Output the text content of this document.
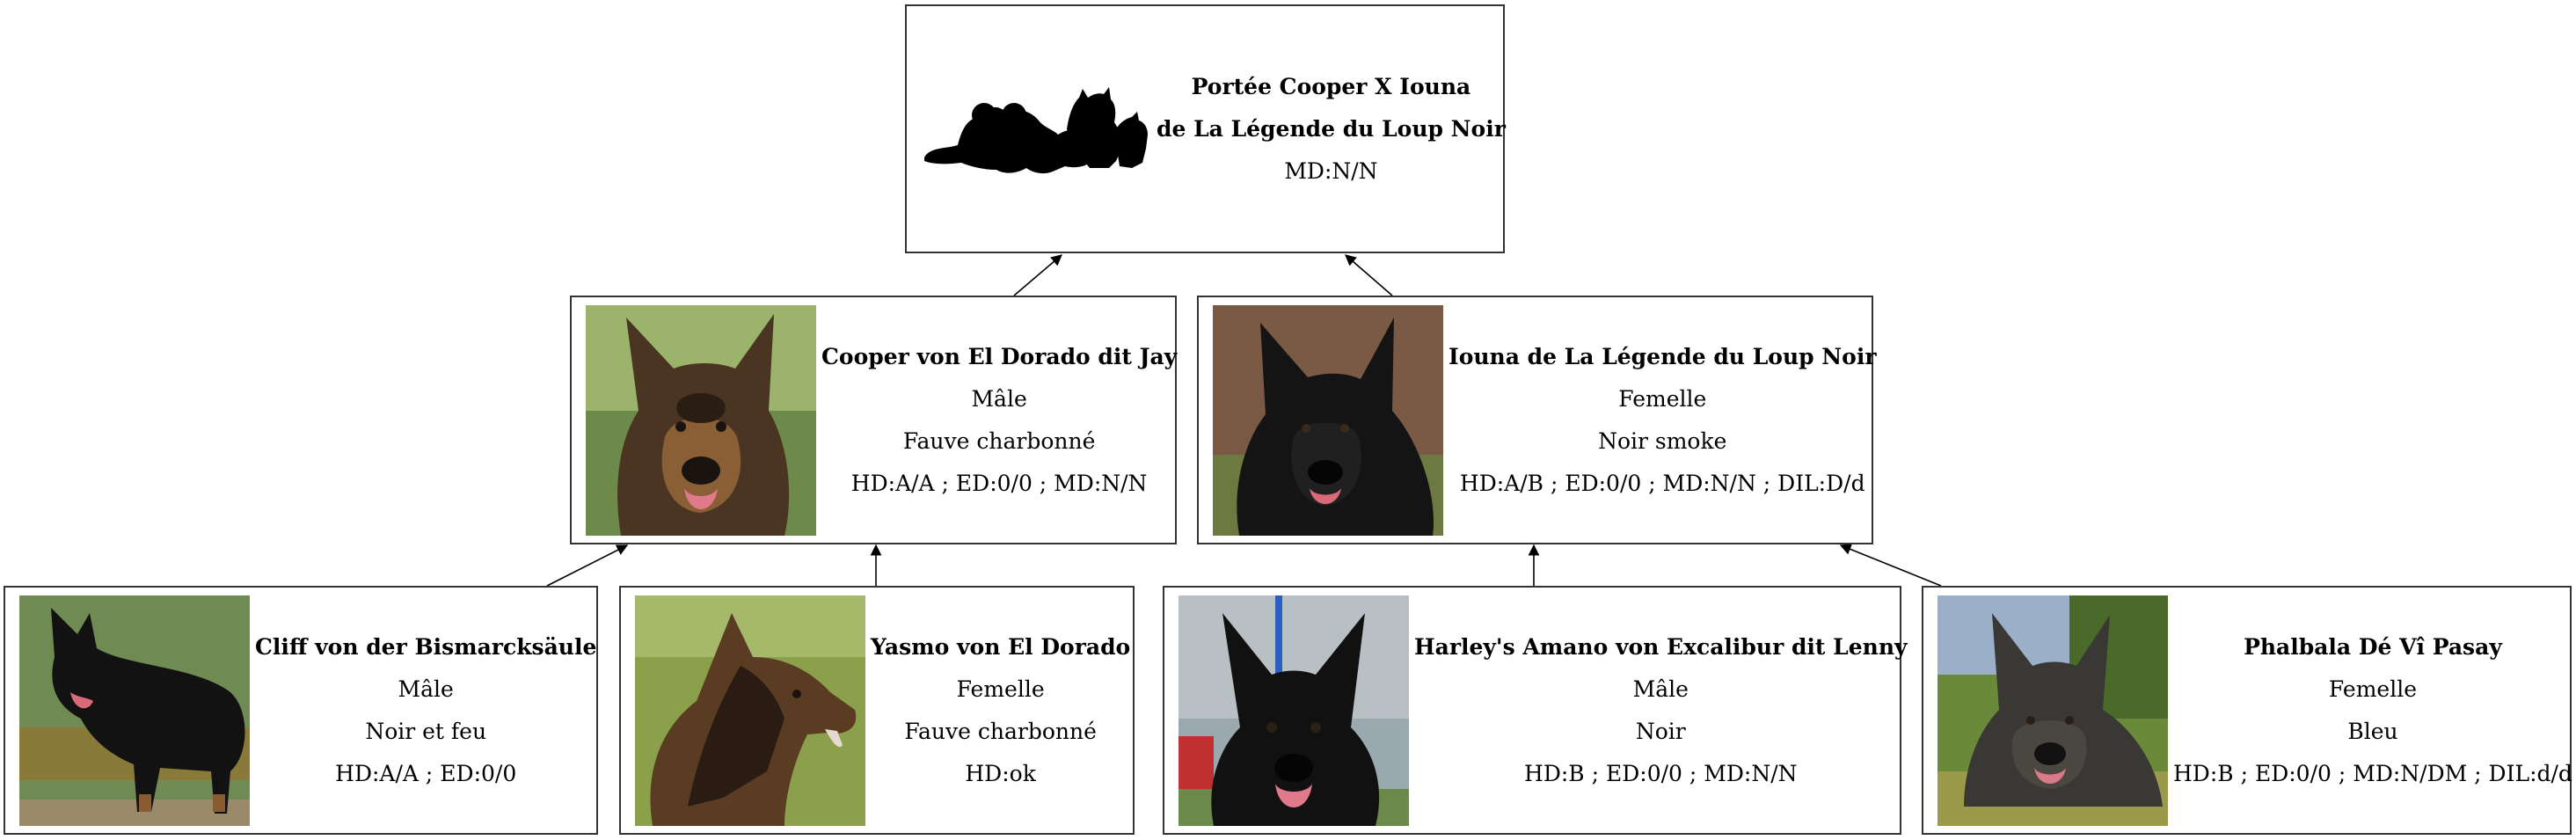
Portée Cooper X Iouna
de La Légende du Loup Noir
MD:N/N
Cooper von El Dorado dit Jay
Mâle
Fauve charbonné
HD:A/A ; ED:0/0 ; MD:N/N
Iouna de La Légende du Loup Noir
Femelle
Noir smoke
HD:A/B ; ED:0/0 ; MD:N/N ; DIL:D/d
Cliff von der Bismarcksäule
Mâle
Noir et feu
HD:A/A ; ED:0/0
Yasmo von El Dorado
Femelle
Fauve charbonné
HD:ok
Harley's Amano von Excalibur dit Lenny
Mâle
Noir
HD:B ; ED:0/0 ; MD:N/N
Phalbala Dé Vî Pasay
Femelle
Bleu
HD:B ; ED:0/0 ; MD:N/DM ; DIL:d/d
